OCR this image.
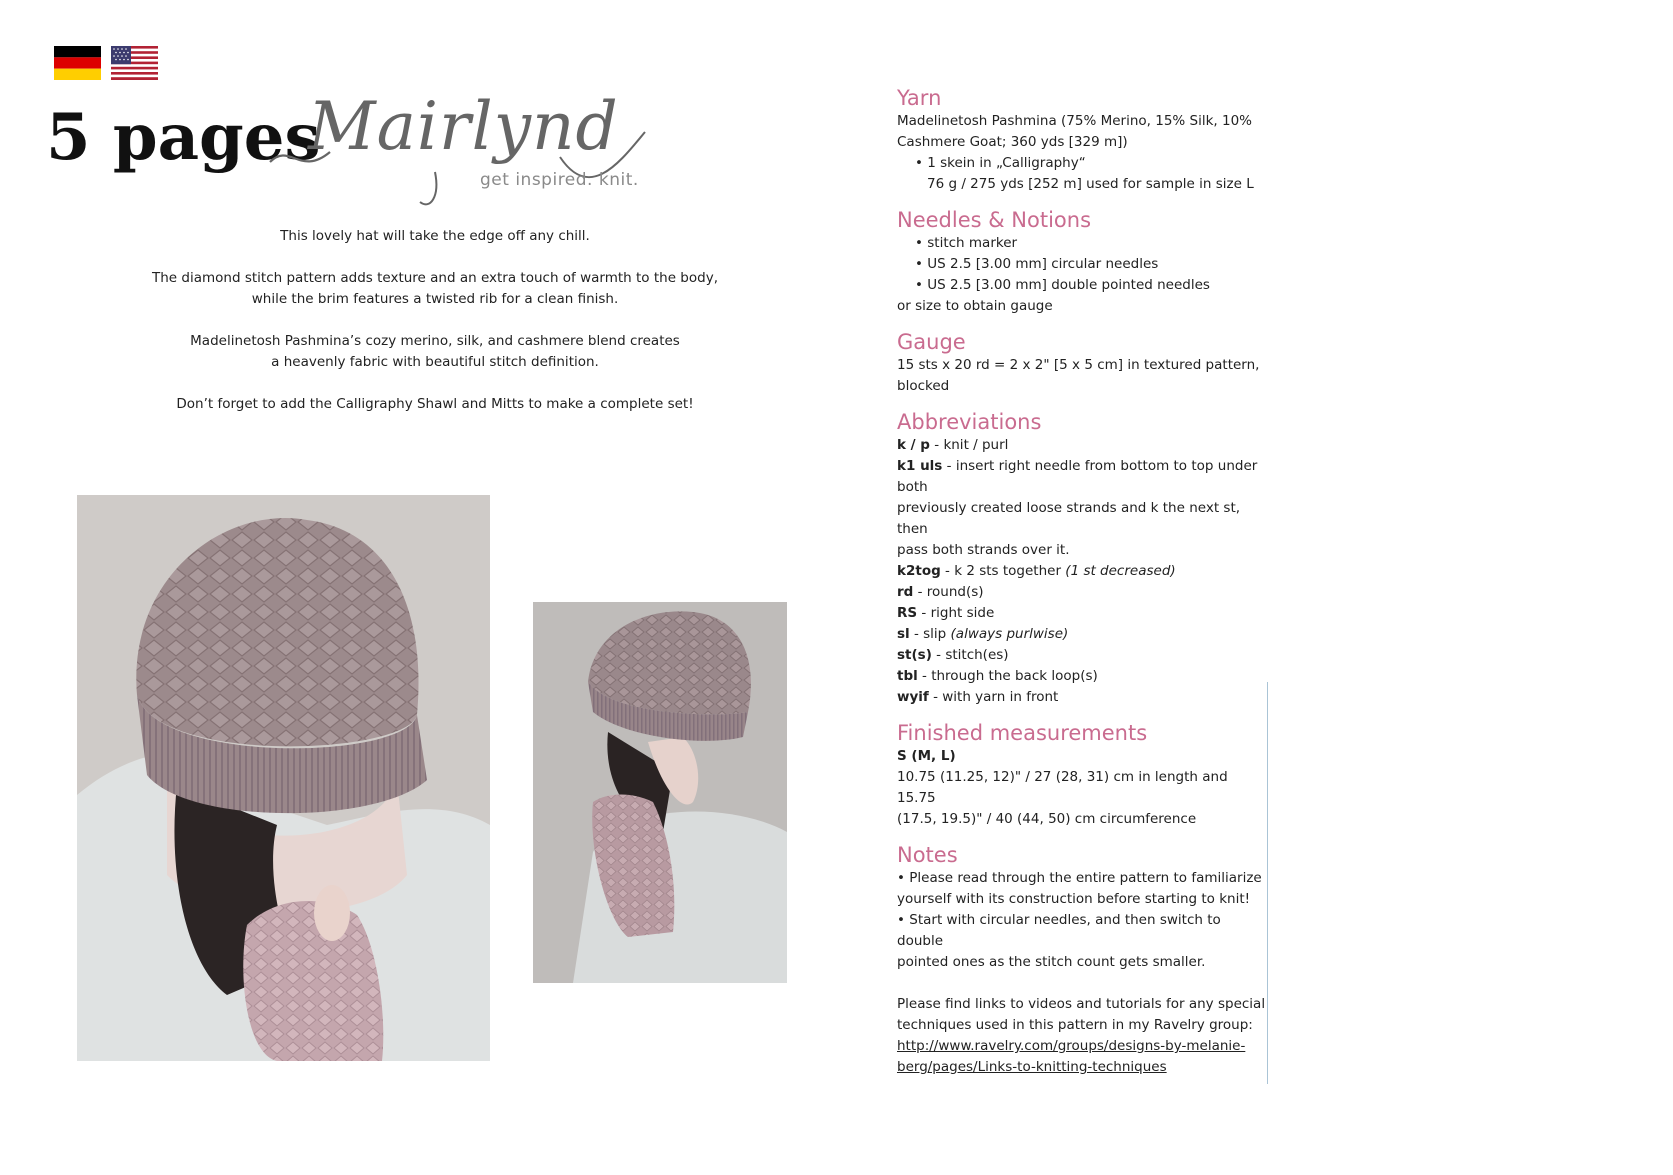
5 pages
Mairlynd
get inspired. knit.

This lovely hat will take the edge off any chill.

The diamond stitch pattern adds texture and an extra touch of warmth to the body,
while the brim features a twisted rib for a clean finish.

Madelinetosh Pashmina’s cozy merino, silk, and cashmere blend creates
a heavenly fabric with beautiful stitch definition.

Don’t forget to add the Calligraphy Shawl and Mitts to make a complete set!

Yarn

Madelinetosh Pashmina (75% Merino, 15% Silk, 10%

Cashmere Goat; 360 yds [329 m])

• 1 skein in „Calligraphy“

76 g / 275 yds [252 m] used for sample in size L

Needles & Notions

• stitch marker

• US 2.5 [3.00 mm] circular needles

• US 2.5 [3.00 mm] double pointed needles

or size to obtain gauge

Gauge

15 sts x 20 rd = 2 x 2" [5 x 5 cm] in textured pattern,

blocked

Abbreviations

k / p - knit / purl

k1 uls - insert right needle from bottom to top under both

previously created loose strands and k the next st, then

pass both strands over it.

k2tog - k 2 sts together (1 st decreased)

rd - round(s)

RS - right side

sl - slip (always purlwise)

st(s) - stitch(es)

tbl - through the back loop(s)

wyif - with yarn in front

Finished measurements

S (M, L)

10.75 (11.25, 12)" / 27 (28, 31) cm in length and 15.75

(17.5, 19.5)" / 40 (44, 50) cm circumference

Notes

• Please read through the entire pattern to familiarize

yourself with its construction before starting to knit!

• Start with circular needles, and then switch to double

pointed ones as the stitch count gets smaller.

Please find links to videos and tutorials for any special

techniques used in this pattern in my Ravelry group:

http://www.ravelry.com/groups/designs-by-melanie-

berg/pages/Links-to-knitting-techniques
